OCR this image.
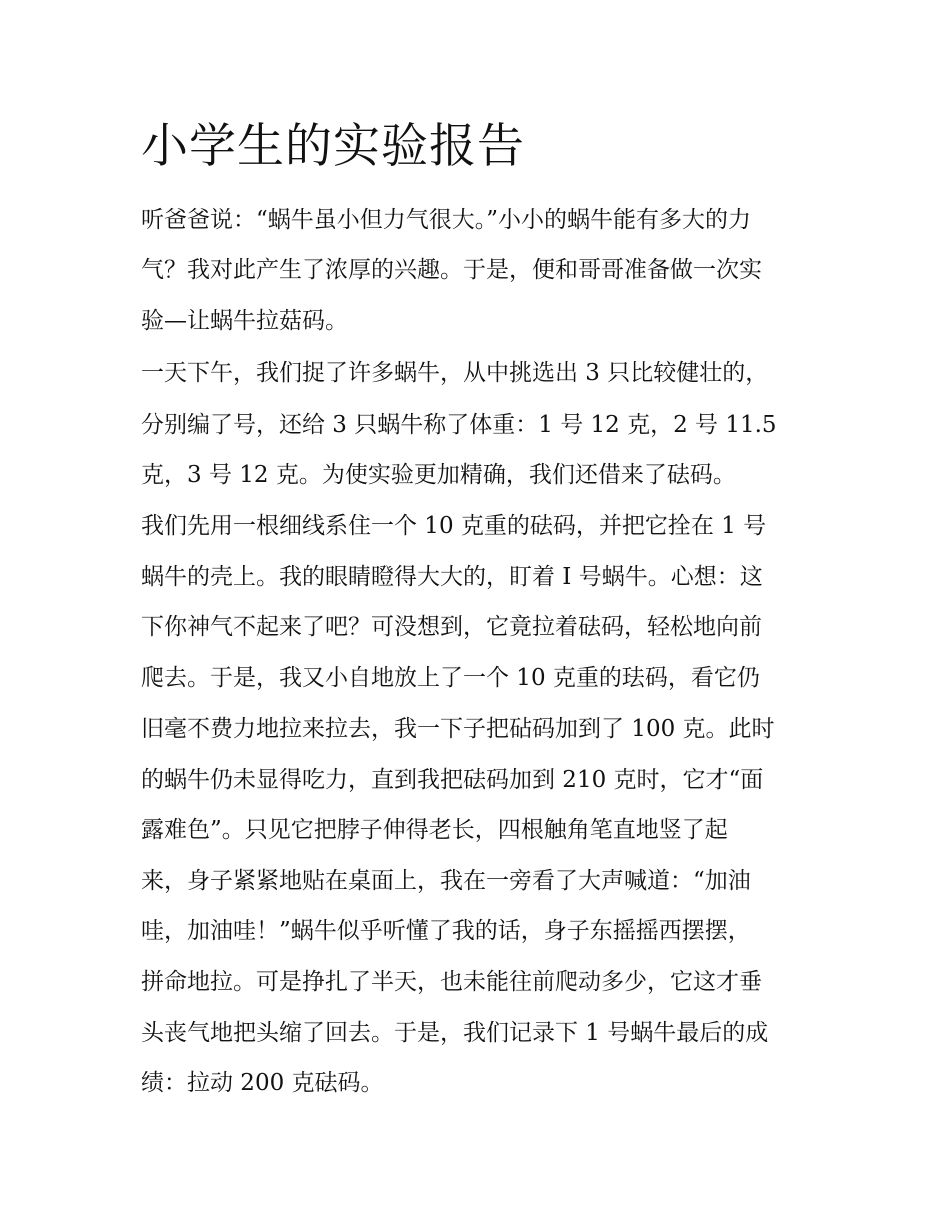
小学生的实验报告

听爸爸说：“蜗牛虽小但力气很大。”小小的蜗牛能有多大的力

气？我对此产生了浓厚的兴趣。于是，便和哥哥准备做一次实

验—让蜗牛拉菇码。

一天下午，我们捉了许多蜗牛，从中挑选出 3 只比较健壮的，

分别编了号，还给 3 只蜗牛称了体重：1 号 12 克，2 号 11.5

克，3 号 12 克。为使实验更加精确，我们还借来了砝码。

我们先用一根细线系住一个 10 克重的砝码，并把它拴在 1 号

蜗牛的壳上。我的眼睛瞪得大大的，盯着 I 号蜗牛。心想：这

下你神气不起来了吧？可没想到，它竟拉着砝码，轻松地向前

爬去。于是，我又小自地放上了一个 10 克重的珐码，看它仍

旧毫不费力地拉来拉去，我一下子把砧码加到了 100 克。此时

的蜗牛仍未显得吃力，直到我把砝码加到 210 克时，它才“面

露难色”。只见它把脖子伸得老长，四根触角笔直地竖了起

来，身子紧紧地贴在桌面上，我在一旁看了大声喊道：“加油

哇，加油哇！”蜗牛似乎听懂了我的话，身子东摇摇西摆摆，

拼命地拉。可是挣扎了半天，也未能往前爬动多少，它这才垂

头丧气地把头缩了回去。于是，我们记录下 1 号蜗牛最后的成

绩：拉动 200 克砝码。
